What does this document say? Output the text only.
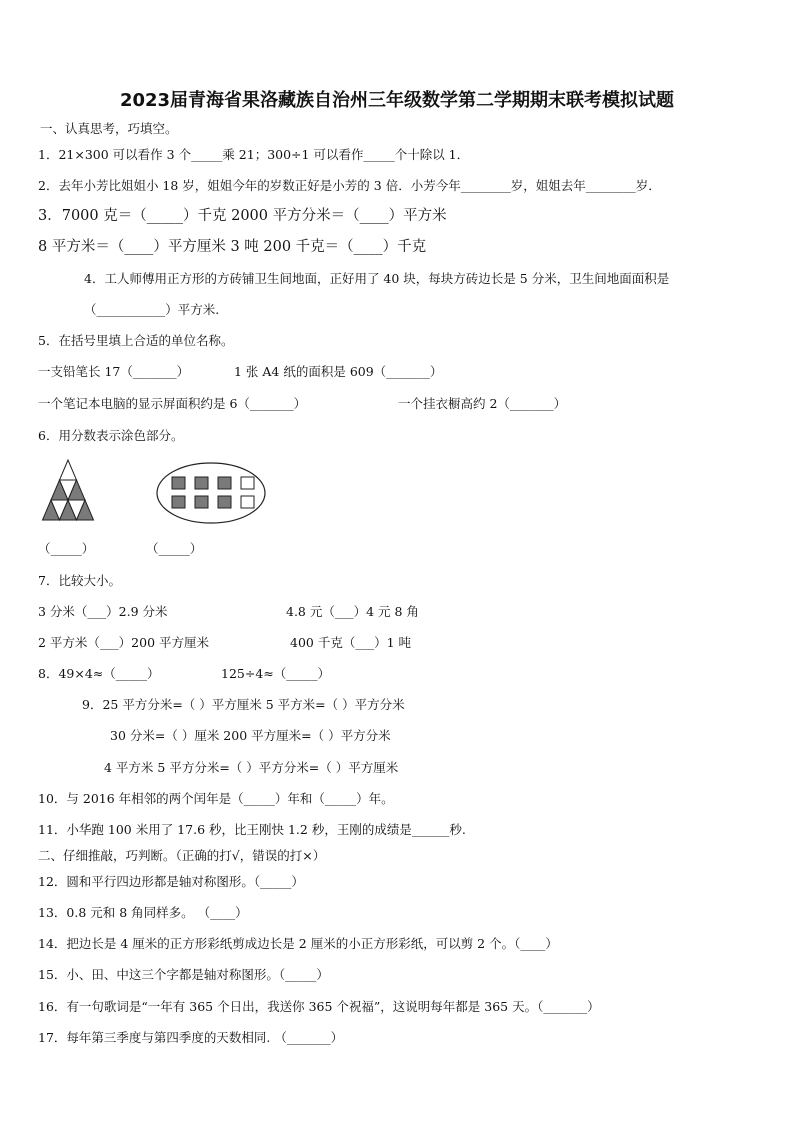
2023届青海省果洛藏族自治州三年级数学第二学期期末联考模拟试题
一、认真思考，巧填空。
1．21×300 可以看作 3 个_____乘 21；300÷1 可以看作_____个十除以 1．
2．去年小芳比姐姐小 18 岁，姐姐今年的岁数正好是小芳的 3 倍．小芳今年________岁，姐姐去年________岁．
3．7000 克＝（_____）千克 2000 平方分米＝（____）平方米
8 平方米＝（____）平方厘米 3 吨 200 千克＝（____）千克
4．工人师傅用正方形的方砖铺卫生间地面，正好用了 40 块，每块方砖边长是 5 分米，卫生间地面面积是
（___________）平方米.
5．在括号里填上合适的单位名称。
一支铅笔长 17（_______）	1 张 A4 纸的面积是 609（_______）
一个笔记本电脑的显示屏面积约是 6（_______）	一个挂衣橱高约 2（_______）
6．用分数表示涂色部分。
（_____）	（_____）
7．比较大小。
3 分米（___）2.9 分米	4.8 元（___）4 元 8 角
2 平方米（___）200 平方厘米	400 千克（___）1 吨
8．49×4≈（_____）	125÷4≈（_____）
9．25 平方分米=（ ）平方厘米 5 平方米=（ ）平方分米
30 分米=（ ）厘米 200 平方厘米=（ ）平方分米
4 平方米 5 平方分米=（ ）平方分米=（ ）平方厘米
10．与 2016 年相邻的两个闰年是（_____）年和（_____）年。
11．小华跑 100 米用了 17.6 秒，比王刚快 1.2 秒，王刚的成绩是______秒.
二、仔细推敲，巧判断。（正确的打√，错误的打×）
12．圆和平行四边形都是轴对称图形。（_____）
13．0.8 元和 8 角同样多。 （____）
14．把边长是 4 厘米的正方形彩纸剪成边长是 2 厘米的小正方形彩纸，可以剪 2 个。（____）
15．小、田、中这三个字都是轴对称图形。（_____）
16．有一句歌词是“一年有 365 个日出，我送你 365 个祝福”，这说明每年都是 365 天。（_______）
17．每年第三季度与第四季度的天数相同. （_______）
